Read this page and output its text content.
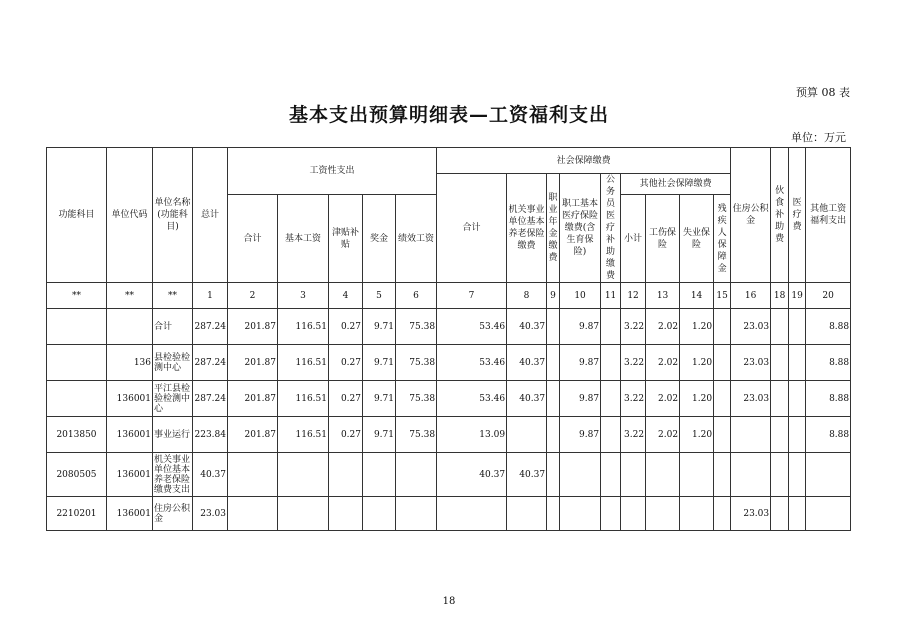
预算 08 表
基本支出预算明细表—工资福利支出
单位：万元
功能科目	单位代码	单位名称(功能科目)	总计	工资性支出					社会保障缴费									住房公积金	伙食补助费	医疗费	其他工资福利支出
									合计	机关事业单位基本养老保险缴费	职业年金缴费	职工基本医疗保险缴费(含生育保险)	公务员医疗补助缴费	其他社会保障缴费							
				合计	基本工资	津贴补贴	奖金	绩效工资						小计	工伤保险	失业保险	残疾人保障金				
**	**	**	1	2	3	4	5	6	7	8	9	10	11	12	13	14	15	16	18	19	20
		合计	287.24	201.87	116.51	0.27	9.71	75.38	53.46	40.37		9.87		3.22	2.02	1.20		23.03			8.88
	136	县检验检测中心	287.24	201.87	116.51	0.27	9.71	75.38	53.46	40.37		9.87		3.22	2.02	1.20		23.03			8.88
	136001	平江县检验检测中心	287.24	201.87	116.51	0.27	9.71	75.38	53.46	40.37		9.87		3.22	2.02	1.20		23.03			8.88
2013850	136001	事业运行	223.84	201.87	116.51	0.27	9.71	75.38	13.09			9.87		3.22	2.02	1.20					8.88
2080505	136001	机关事业单位基本养老保险缴费支出	40.37						40.37	40.37											
2210201	136001	住房公积金	23.03															23.03			
18
